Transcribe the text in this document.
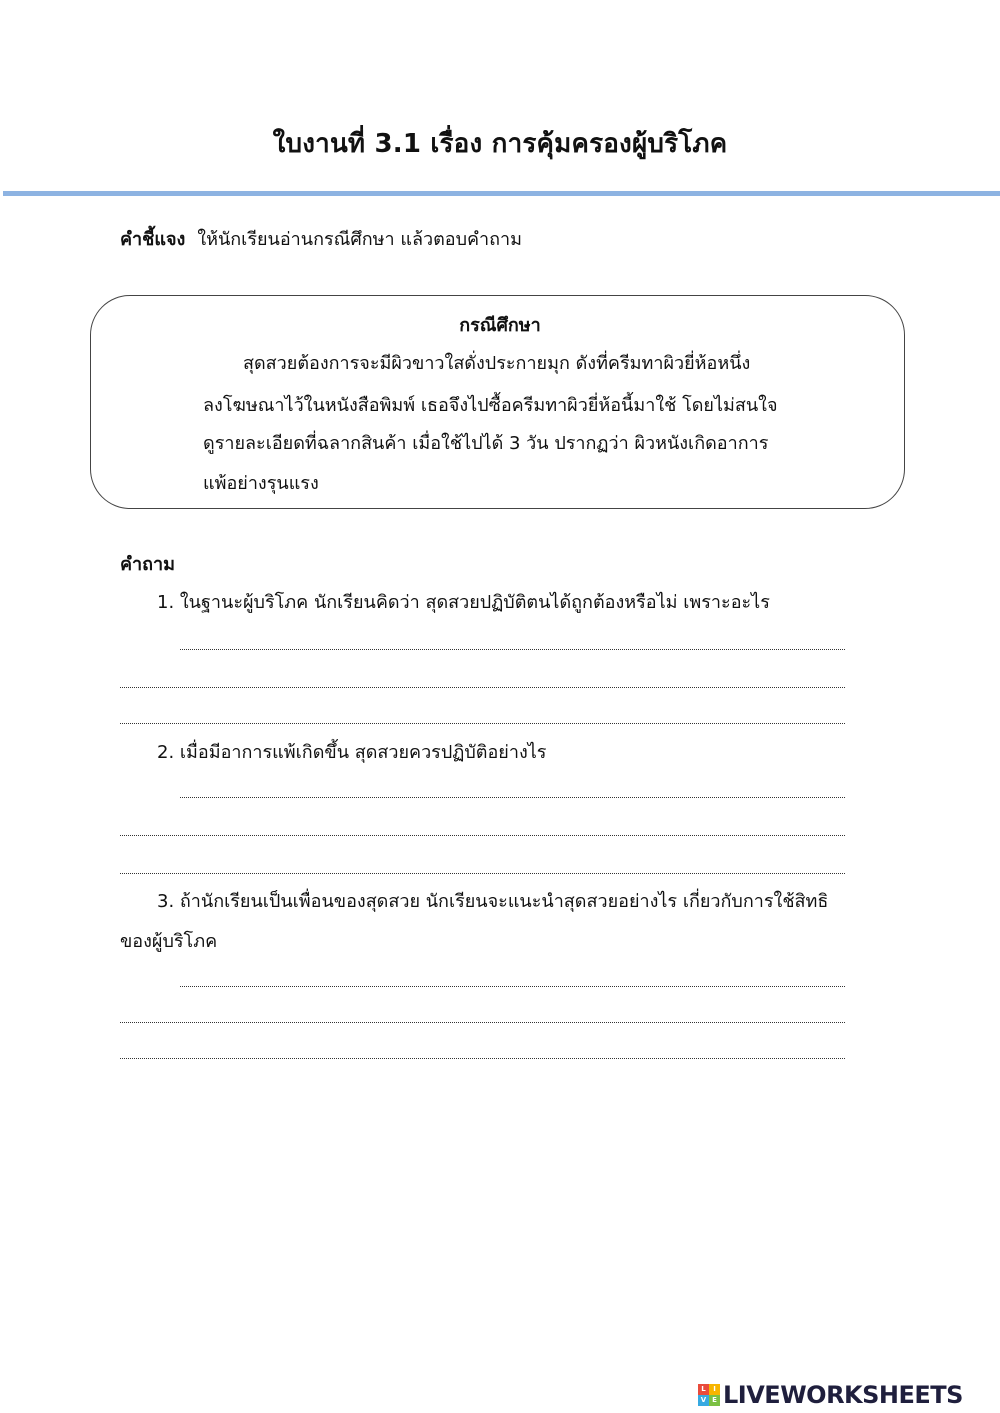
ใบงานที่ 3.1 เรื่อง การคุ้มครองผู้บริโภค
คำชี้แจง ให้นักเรียนอ่านกรณีศึกษา แล้วตอบคำถาม
กรณีศึกษา
สุดสวยต้องการจะมีผิวขาวใสดั่งประกายมุก ดังที่ครีมทาผิวยี่ห้อหนึ่ง
ลงโฆษณาไว้ในหนังสือพิมพ์ เธอจึงไปซื้อครีมทาผิวยี่ห้อนี้มาใช้ โดยไม่สนใจ
ดูรายละเอียดที่ฉลากสินค้า เมื่อใช้ไปได้ 3 วัน ปรากฏว่า ผิวหนังเกิดอาการ
แพ้อย่างรุนแรง
คำถาม
1. ในฐานะผู้บริโภค นักเรียนคิดว่า สุดสวยปฏิบัติตนได้ถูกต้องหรือไม่ เพราะอะไร
2. เมื่อมีอาการแพ้เกิดขึ้น สุดสวยควรปฏิบัติอย่างไร
3. ถ้านักเรียนเป็นเพื่อนของสุดสวย นักเรียนจะแนะนำสุดสวยอย่างไร เกี่ยวกับการใช้สิทธิ
ของผู้บริโภค
L	I
V E LIVEWORKSHEETS
